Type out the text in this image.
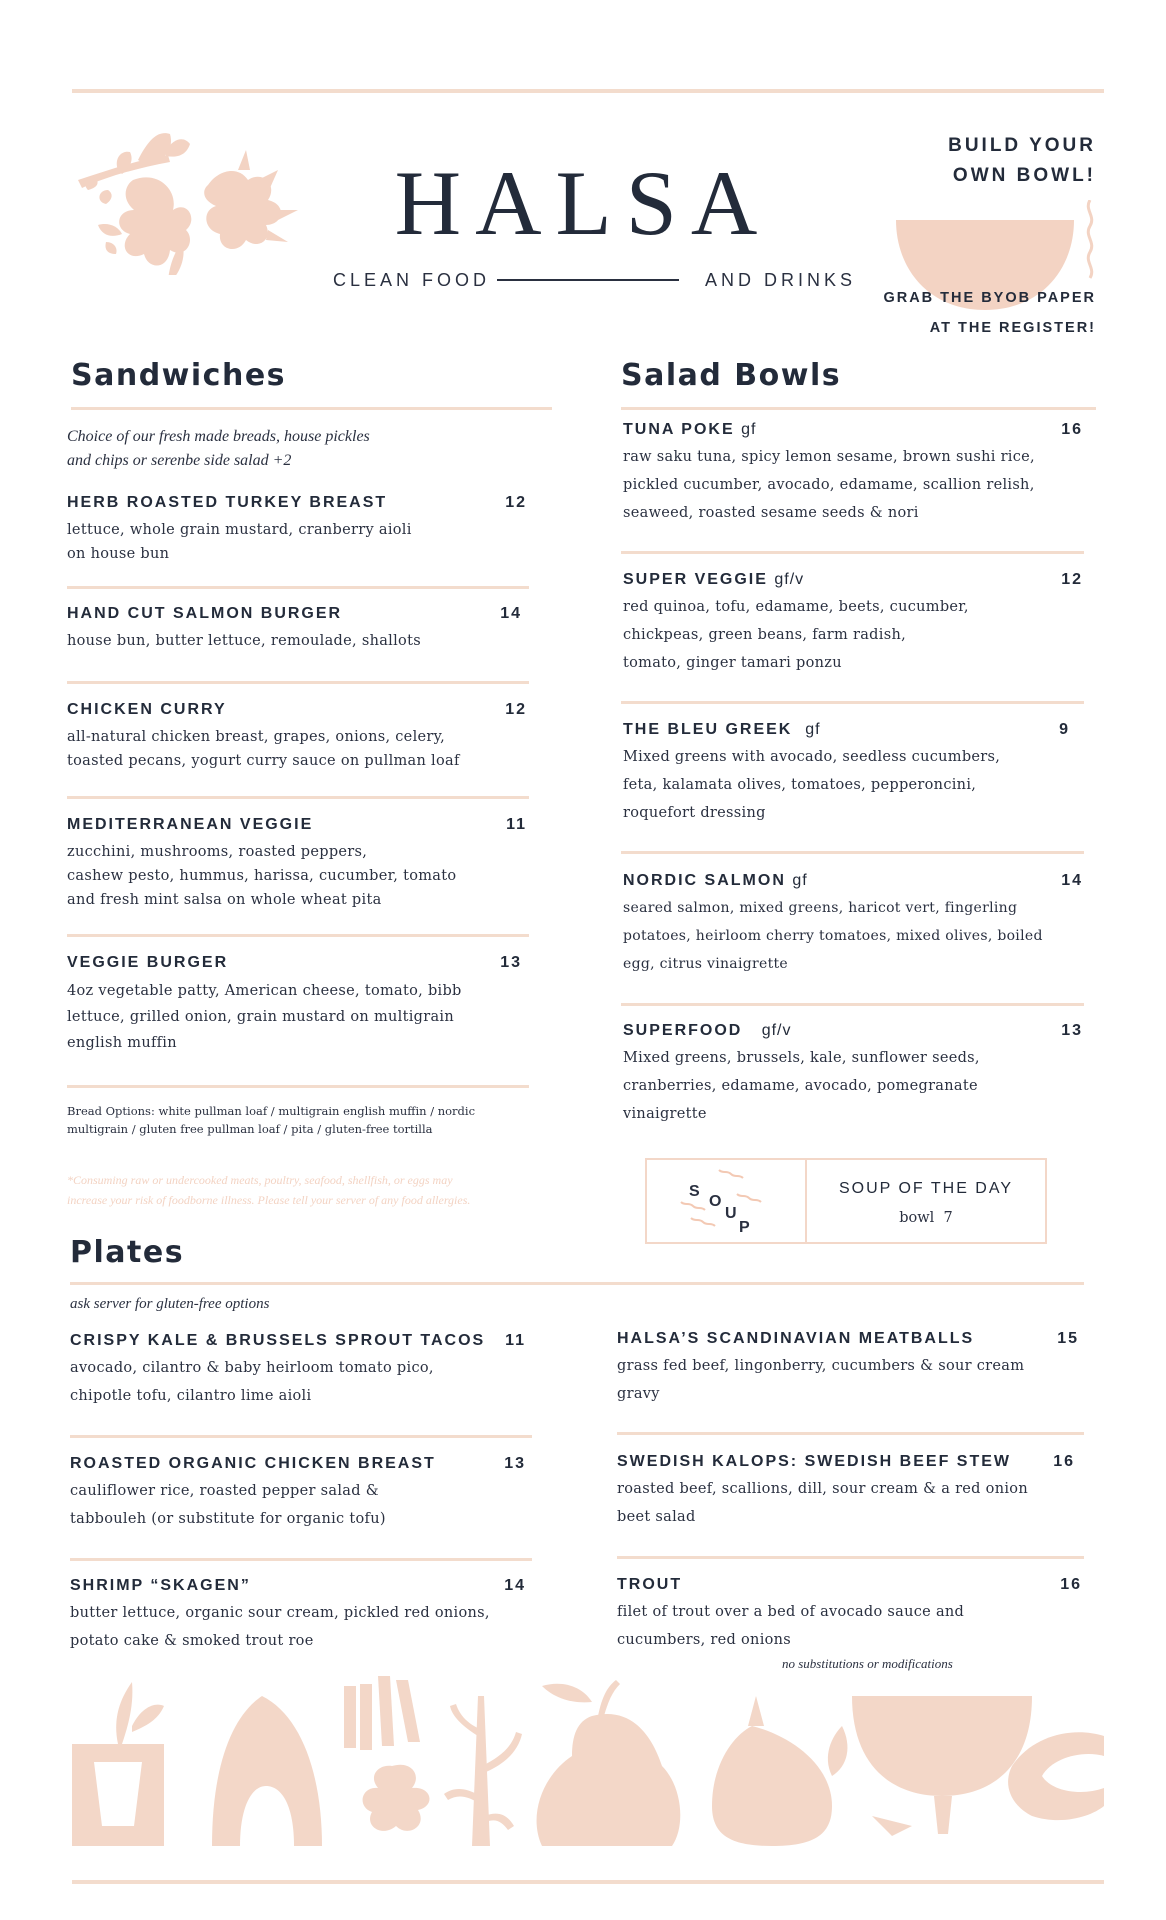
HALSA
CLEAN FOOD	AND DRINKS
BUILD YOUR
OWN BOWL!
GRAB THE BYOB PAPER
AT THE REGISTER!
Sandwiches
Choice of our fresh made breads, house pickles
and chips or serenbe side salad +2
HERB ROASTED TURKEY BREAST	12
lettuce, whole grain mustard, cranberry aioli
on house bun
HAND CUT SALMON BURGER	14
house bun, butter lettuce, remoulade, shallots
CHICKEN CURRY	12
all-natural chicken breast, grapes, onions, celery,
toasted pecans, yogurt curry sauce on pullman loaf
MEDITERRANEAN VEGGIE	11
zucchini, mushrooms, roasted peppers,
cashew pesto, hummus, harissa, cucumber, tomato
and fresh mint salsa on whole wheat pita
VEGGIE BURGER	13
4oz vegetable patty, American cheese, tomato, bibb
lettuce, grilled onion, grain mustard on multigrain
english muffin
Bread Options: white pullman loaf / multigrain english muffin / nordic
multigrain / gluten free pullman loaf / pita / gluten-free tortilla
*Consuming raw or undercooked meats, poultry, seafood, shellfish, or eggs may
increase your risk of foodborne illness. Please tell your server of any food allergies.
Salad Bowls
TUNA POKE gf	16
raw saku tuna, spicy lemon sesame, brown sushi rice,
pickled cucumber, avocado, edamame, scallion relish,
seaweed, roasted sesame seeds & nori
SUPER VEGGIE gf/v	12
red quinoa, tofu, edamame, beets, cucumber,
chickpeas, green beans, farm radish,
tomato, ginger tamari ponzu
THE BLEU GREEK gf	9
Mixed greens with avocado, seedless cucumbers,
feta, kalamata olives, tomatoes, pepperoncini,
roquefort dressing
NORDIC SALMON gf	14
seared salmon, mixed greens, haricot vert, fingerling
potatoes, heirloom cherry tomatoes, mixed olives, boiled
egg, citrus vinaigrette
SUPERFOOD gf/v	13
Mixed greens, brussels, kale, sunflower seeds,
cranberries, edamame, avocado, pomegranate
vinaigrette
S
O
U
P
SOUP OF THE DAY
bowl  7
Plates
ask server for gluten-free options
CRISPY KALE & BRUSSELS SPROUT TACOS	11
avocado, cilantro & baby heirloom tomato pico,
chipotle tofu, cilantro lime aioli
ROASTED ORGANIC CHICKEN BREAST	13
cauliflower rice, roasted pepper salad &
tabbouleh (or substitute for organic tofu)
SHRIMP “SKAGEN”	14
butter lettuce, organic sour cream, pickled red onions,
potato cake & smoked trout roe
HALSA’S SCANDINAVIAN MEATBALLS	15
grass fed beef, lingonberry, cucumbers & sour cream
gravy
SWEDISH KALOPS: SWEDISH BEEF STEW	16
roasted beef, scallions, dill, sour cream & a red onion
beet salad
TROUT	16
filet of trout over a bed of avocado sauce and
cucumbers, red onions
no substitutions or modifications
